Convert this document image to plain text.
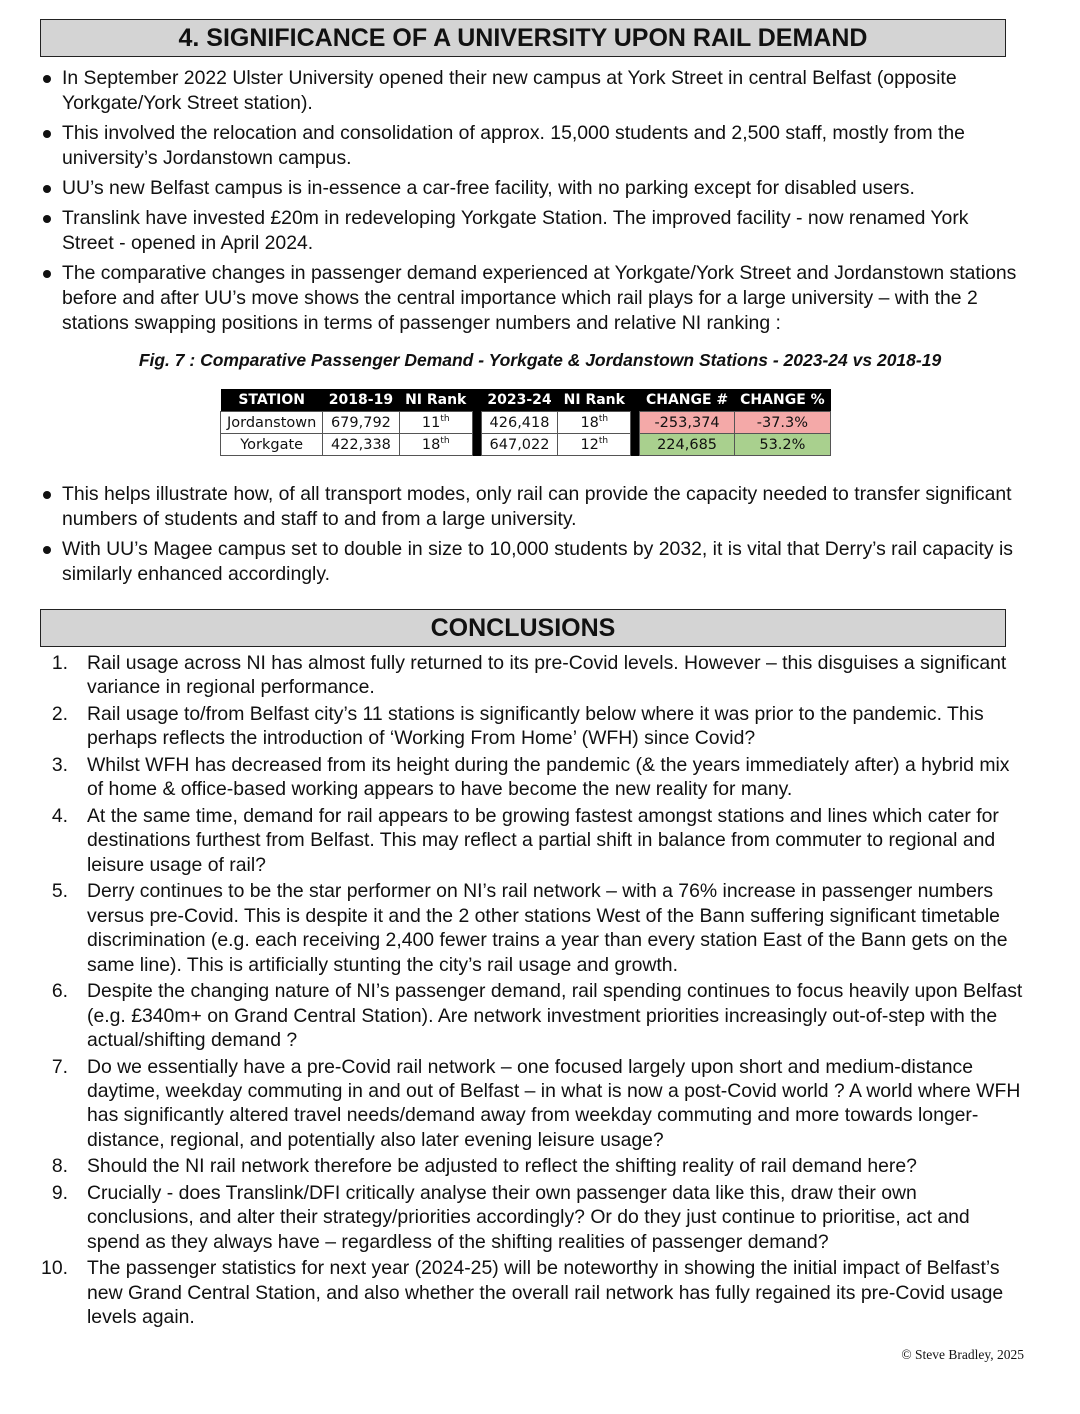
4. SIGNIFICANCE OF A UNIVERSITY UPON RAIL DEMAND
In September 2022 Ulster University opened their new campus at York Street in central Belfast (opposite Yorkgate/York Street station).
This involved the relocation and consolidation of approx. 15,000 students and 2,500 staff, mostly from the university’s Jordanstown campus.
UU’s new Belfast campus is in-essence a car-free facility, with no parking except for disabled users.
Translink have invested £20m in redeveloping Yorkgate Station. The improved facility - now renamed York Street - opened in April 2024.
The comparative changes in passenger demand experienced at Yorkgate/York Street and Jordanstown stations before and after UU’s move shows the central importance which rail plays for a large university – with the 2 stations swapping positions in terms of passenger numbers and relative NI ranking :
Fig. 7 : Comparative Passenger Demand - Yorkgate & Jordanstown Stations - 2023-24 vs 2018-19
STATION	2018-19	NI Rank		2023-24	NI Rank		CHANGE #	CHANGE %
Jordanstown	679,792	11th		426,418	18th		-253,374	-37.3%
Yorkgate	422,338	18th		647,022	12th		224,685	53.2%
This helps illustrate how, of all transport modes, only rail can provide the capacity needed to transfer significant numbers of students and staff to and from a large university.
With UU’s Magee campus set to double in size to 10,000 students by 2032, it is vital that Derry’s rail capacity is similarly enhanced accordingly.
CONCLUSIONS
1. Rail usage across NI has almost fully returned to its pre-Covid levels. However – this disguises a significant variance in regional performance.
2. Rail usage to/from Belfast city’s 11 stations is significantly below where it was prior to the pandemic. This perhaps reflects the introduction of ‘Working From Home’ (WFH) since Covid?
3. Whilst WFH has decreased from its height during the pandemic (& the years immediately after) a hybrid mix of home & office-based working appears to have become the new reality for many.
4. At the same time, demand for rail appears to be growing fastest amongst stations and lines which cater for destinations furthest from Belfast. This may reflect a partial shift in balance from commuter to regional and leisure usage of rail?
5. Derry continues to be the star performer on NI’s rail network – with a 76% increase in passenger numbers versus pre-Covid. This is despite it and the 2 other stations West of the Bann suffering significant timetable discrimination (e.g. each receiving 2,400 fewer trains a year than every station East of the Bann gets on the same line). This is artificially stunting the city’s rail usage and growth.
6. Despite the changing nature of NI’s passenger demand, rail spending continues to focus heavily upon Belfast (e.g. £340m+ on Grand Central Station). Are network investment priorities increasingly out-of-step with the actual/shifting demand ?
7. Do we essentially have a pre-Covid rail network – one focused largely upon short and medium-distance daytime, weekday commuting in and out of Belfast – in what is now a post-Covid world ? A world where WFH has significantly altered travel needs/demand away from weekday commuting and more towards longer-distance, regional, and potentially also later evening leisure usage?
8. Should the NI rail network therefore be adjusted to reflect the shifting reality of rail demand here?
9. Crucially - does Translink/DFI critically analyse their own passenger data like this, draw their own conclusions, and alter their strategy/priorities accordingly? Or do they just continue to prioritise, act and spend as they always have – regardless of the shifting realities of passenger demand?
10. The passenger statistics for next year (2024-25) will be noteworthy in showing the initial impact of Belfast’s new Grand Central Station, and also whether the overall rail network has fully regained its pre-Covid usage levels again.
© Steve Bradley, 2025
